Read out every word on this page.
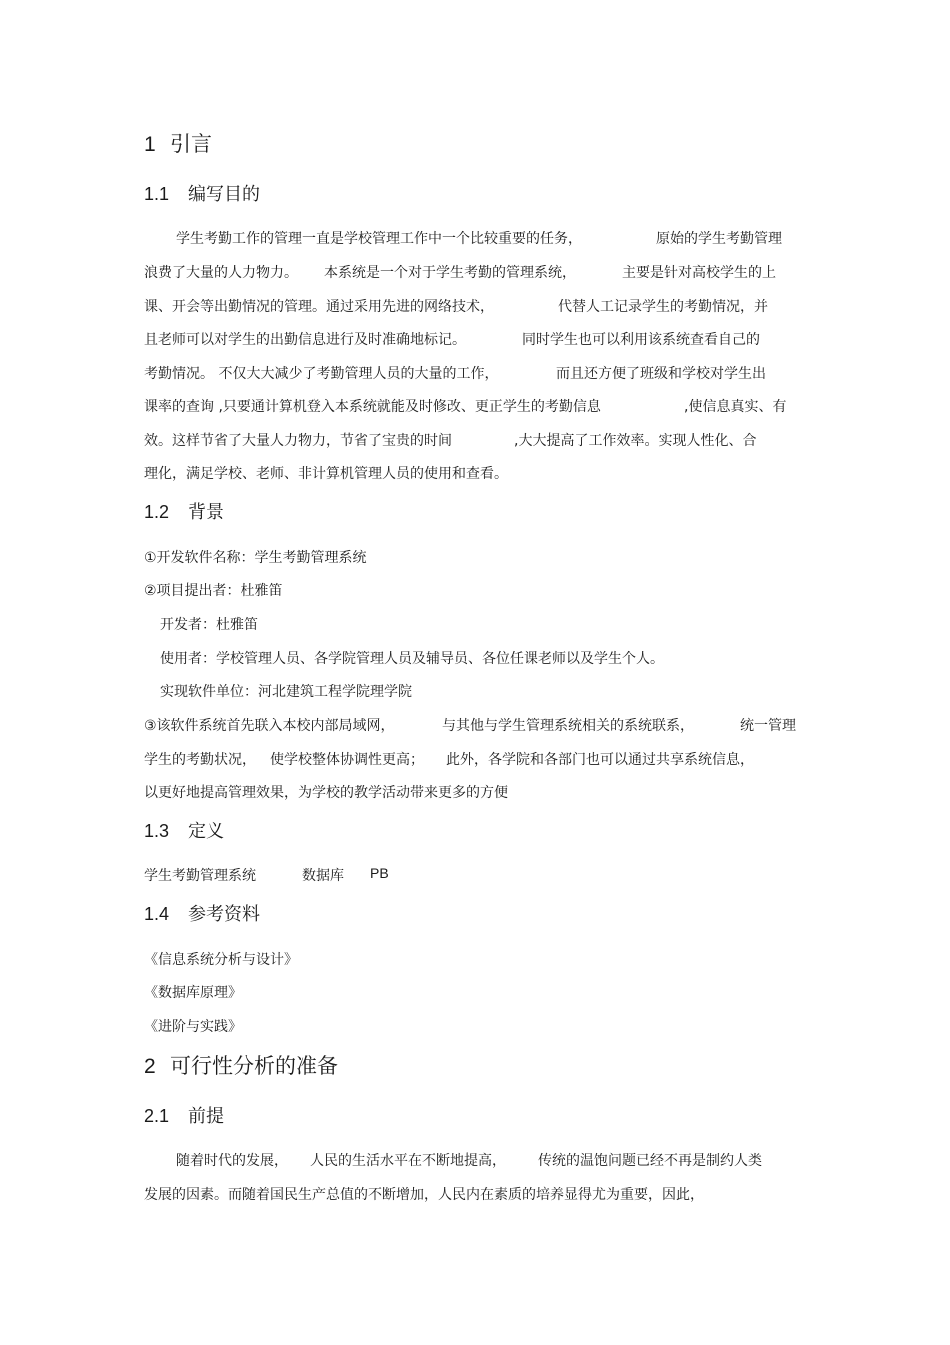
1 引言
1.1 编写目的
学生考勤工作的管理一直是学校管理工作中一个比较重要的任务，	原始的学生考勤管理
浪费了大量的人力物力。 本系统是一个对于学生考勤的管理系统，	主要是针对高校学生的上
课、开会等出勤情况的管理。通过采用先进的网络技术，	代替人工记录学生的考勤情况，并
且老师可以对学生的出勤信息进行及时准确地标记。	同时学生也可以利用该系统查看自己的
考勤情况。 不仅大大减少了考勤管理人员的大量的工作，	而且还方便了班级和学校对学生出
课率的查询 ,只要通计算机登入本系统就能及时修改、更正学生的考勤信息	,使信息真实、有
效。这样节省了大量人力物力，节省了宝贵的时间	,大大提高了工作效率。实现人性化、合
理化，满足学校、老师、非计算机管理人员的使用和查看。
1.2 背景
①开发软件名称：学生考勤管理系统
②项目提出者：杜雅笛
开发者：杜雅笛
使用者：学校管理人员、各学院管理人员及辅导员、各位任课老师以及学生个人。
实现软件单位：河北建筑工程学院理学院
③该软件系统首先联入本校内部局域网，	与其他与学生管理系统相关的系统联系，	统一管理
学生的考勤状况， 使学校整体协调性更高； 此外，各学院和各部门也可以通过共享系统信息，
以更好地提高管理效果，为学校的教学活动带来更多的方便
1.3 定义
学生考勤管理系统	数据库 PB
1.4 参考资料
《信息系统分析与设计》
《数据库原理》
《进阶与实践》
2 可行性分析的准备
2.1 前提
随着时代的发展， 人民的生活水平在不断地提高， 传统的温饱问题已经不再是制约人类
发展的因素。而随着国民生产总值的不断增加，人民内在素质的培养显得尤为重要，因此，
